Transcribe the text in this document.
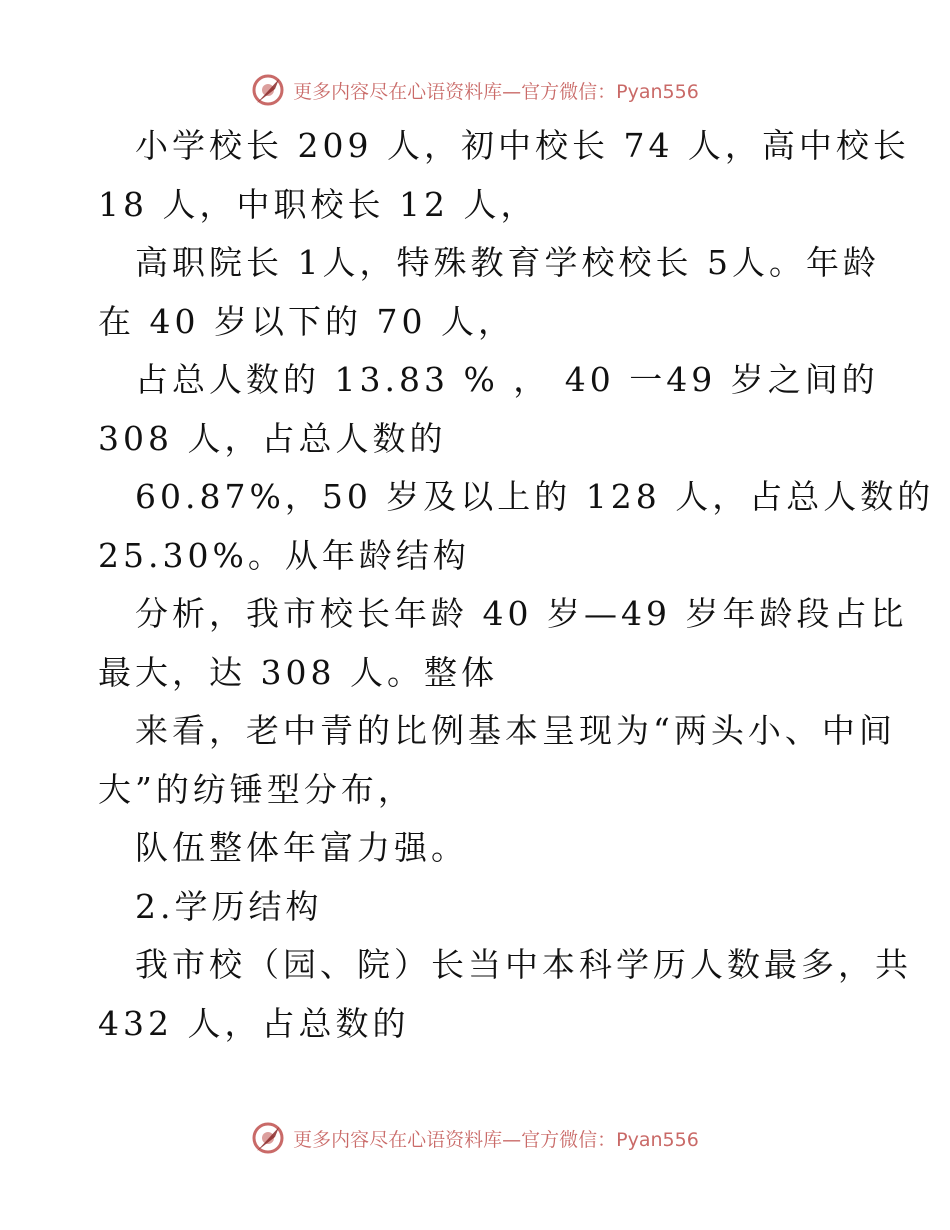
更多内容尽在心语资料库—官方微信：Pyan556
小学校长 209 人，初中校长 74 人，高中校长
18 人，中职校长 12 人，
高职院长 1人，特殊教育学校校长 5人。年龄
在 40 岁以下的 70 人，
占总人数的 13.83 % ， 40 一49 岁之间的
308 人，占总人数的
60.87%，50 岁及以上的 128 人，占总人数的
25.30%。从年龄结构
分析，我市校长年龄 40 岁—49 岁年龄段占比
最大，达 308 人。整体
来看，老中青的比例基本呈现为“两头小、中间
大”的纺锤型分布，
队伍整体年富力强。
2.学历结构
我市校（园、院）长当中本科学历人数最多，共
432 人，占总数的
更多内容尽在心语资料库—官方微信：Pyan556
